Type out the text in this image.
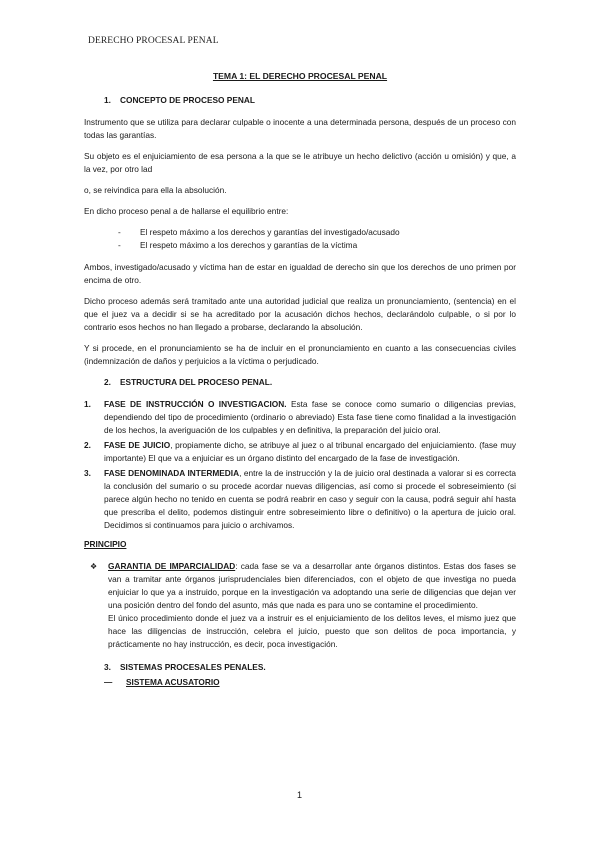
DERECHO PROCESAL PENAL
TEMA 1: EL DERECHO PROCESAL PENAL
1.	CONCEPTO DE PROCESO PENAL

Instrumento que se utiliza para declarar culpable o inocente a una determinada persona, después de un proceso con todas las garantías.

Su objeto es el enjuiciamiento de esa persona a la que se le atribuye un hecho delictivo (acción u omisión) y que, a la vez, por otro lad

o, se reivindica para ella la absolución.

En dicho proceso penal a de hallarse el equilibrio entre:

-	El respeto máximo a los derechos y garantías del investigado/acusado
-	El respeto máximo a los derechos y garantías de la víctima

Ambos, investigado/acusado y víctima han de estar en igualdad de derecho sin que los derechos de uno primen por encima de otro.

Dicho proceso además será tramitado ante una autoridad judicial que realiza un pronunciamiento, (sentencia) en el que el juez va a decidir si se ha acreditado por la acusación dichos hechos, declarándolo culpable, o si por lo contrario esos hechos no han llegado a probarse, declarando la absolución.

Y si procede, en el pronunciamiento se ha de incluir en el pronunciamiento en cuanto a las consecuencias civiles (indemnización de daños y perjuicios a la víctima o perjudicado.

2.	ESTRUCTURA DEL PROCESO PENAL.
1.	FASE DE INSTRUCCIÓN O INVESTIGACION. Esta fase se conoce como sumario o diligencias previas, dependiendo del tipo de procedimiento (ordinario o abreviado) Esta fase tiene como finalidad a la investigación de los hechos, la averiguación de los culpables y en definitiva, la preparación del juicio oral.
2.	FASE DE JUICIO, propiamente dicho, se atribuye al juez o al tribunal encargado del enjuiciamiento. (fase muy importante) El que va a enjuiciar es un órgano distinto del encargado de la fase de investigación.
3.	FASE DENOMINADA INTERMEDIA, entre la de instrucción y la de juicio oral destinada a valorar si es correcta la conclusión del sumario o su procede acordar nuevas diligencias, así como si procede el sobreseimiento (si parece algún hecho no tenido en cuenta se podrá reabrir en caso y seguir con la causa, podrá seguir ahí hasta que prescriba el delito, podemos distinguir entre sobreseimiento libre o definitivo) o la apertura de juicio oral. Decidimos si continuamos para juicio o archivamos.
PRINCIPIO
❖	GARANTIA DE IMPARCIALIDAD: cada fase se va a desarrollar ante órganos distintos. Estas dos fases se van a tramitar ante órganos jurisprudenciales bien diferenciados, con el objeto de que investiga no pueda enjuiciar lo que ya a instruido, porque en la investigación va adoptando una serie de diligencias que dejan ver una posición dentro del fondo del asunto, más que nada es para uno se contamine el procedimiento.
El único procedimiento donde el juez va a instruir es el enjuiciamiento de los delitos leves, el mismo juez que hace las diligencias de instrucción, celebra el juicio, puesto que son delitos de poca importancia, y prácticamente no hay instrucción, es decir, poca investigación.
3.	SISTEMAS PROCESALES PENALES.
—	SISTEMA ACUSATORIO
1
